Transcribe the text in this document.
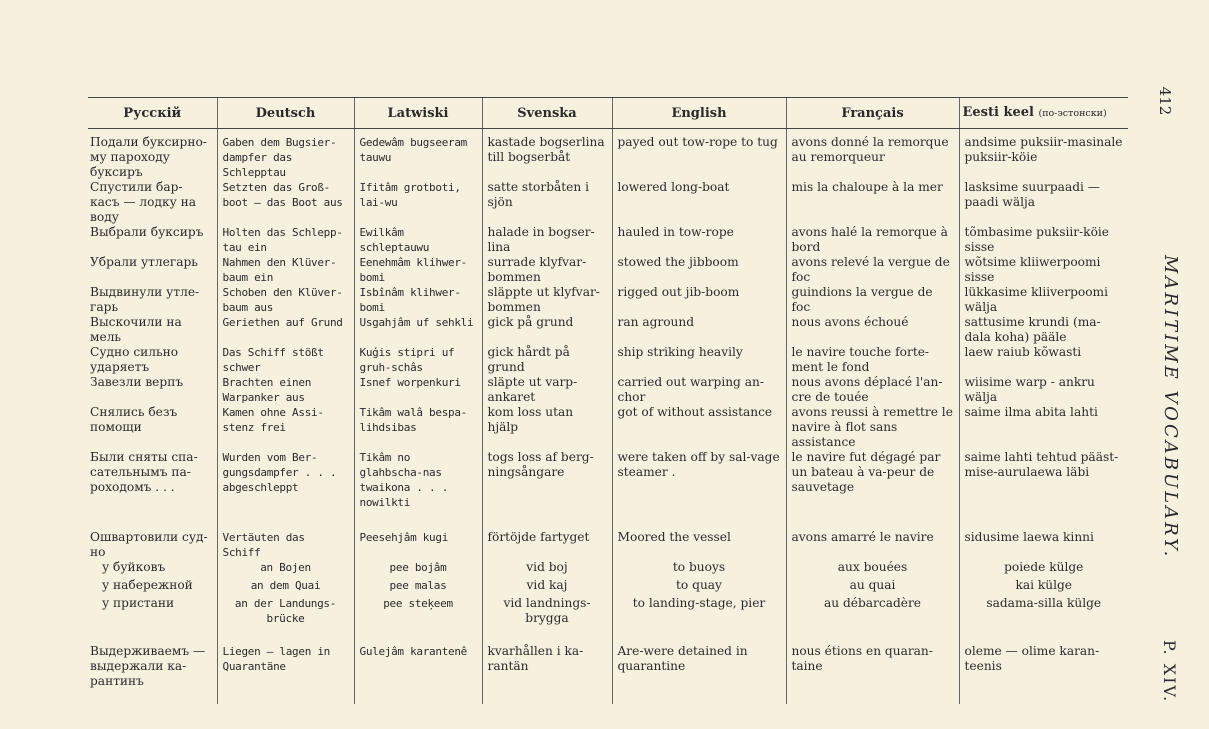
412
MARITIME VOCABULARY.
P. XIV.
Русскiй	Deutsch	Latwiski	Svenska	English	Français	Eesti keel (по-эстонски)

Подали буксирно-му пароходу буксиръ	Gaben dem Bugsier-dampfer das Schlepptau	Gedewâm bugseeram tauwu	kastade bogserlina till bogserbåt	payed out tow-rope to tug	avons donné la remorque au remorqueur	andsime puksiir-masinale puksiir-köie
Спустили бар-касъ — лодку на воду	Setzten das Groß-boot — das Boot aus	Ifitâm grotboti, lai-wu	satte storbåten i sjön	lowered long-boat	mis la chaloupe à la mer	lasksime suurpaadi — paadi wälja
Выбрали буксиръ	Holten das Schlepp-tau ein	Ewilkâm schleptauwu	halade in bogser-lina	hauled in tow-rope	avons halé la remorque à bord	tõmbasime puksiir-köie sisse
Убрали утлегарь	Nahmen den Klüver-baum ein	Eenehmâm klihwer-bomi	surrade klyfvar-bommen	stowed the jibboom	avons relevé la vergue de foc	wõtsime kliiwerpoomi sisse
Выдвинули утле-гарь	Schoben den Klüver-baum aus	Isbînâm klihwer-bomi	släppte ut klyfvar-bommen	rigged out jib-boom	guindions la vergue de foc	lükkasime kliiverpoomi wälja
Выскочили на мель	Geriethen auf Grund	Usgahjâm uf sehkli	gick på grund	ran aground	nous avons échoué	sattusime krundi (ma-dala koha) pääle
Судно сильно ударяетъ	Das Schiff stößt schwer	Kuģis stipri uf gruh-schâs	gick hårdt på grund	ship striking heavily	le navire touche forte-ment le fond	laew raiub kõwasti
Завезли верпъ	Brachten einen Warpanker aus	Isnef worpenkuri	släpte ut varp-ankaret	carried out warping an-chor	nous avons déplacé l'an-cre de touée	wiisime warp - ankru wälja
Снялись безъ помощи	Kamen ohne Assi-stenz frei	Tikâm walâ bespa-lihdsibas	kom loss utan hjälp	got of without assistance	avons reussi à remettre le navire à flot sans assistance	saime ilma abita lahti
Были сняты спа-сательнымъ па-роходомъ . . .	Wurden vom Ber-gungsdampfer . . . abgeschleppt	Tikâm no glahbscha-nas twaikona . . . nowilkti	togs loss af berg-ningsångare	were taken off by sal-vage steamer .	le navire fut dégagé par un bateau à va-peur de sauvetage	saime lahti tehtud päästmise-aurulaewa läbi

Ошвартовили суд-но	Vertäuten das Schiff	Peesehjâm kugi	förtöjde fartyget	Moored the vessel	avons amarré le navire	sidusime laewa kinni
у буйковъ	an Bojen	pee bojâm	vid boj	to buoys	aux bouées	poiede külge
у набережной	an dem Quai	pee malas	vid kaj	to quay	au quai	kai külge
у пристани	an der Landungs-brücke	pee steķeem	vid landnings-brygga	to landing-stage, pier	au débarcadère	sadama-silla külge

Выдерживаемъ — выдержали ка-рантинъ	Liegen — lagen in Quarantäne	Gulejâm karantenê	kvarhållen i ka-rantän	Are-were detained in quarantine	nous étions en quaran-taine	oleme — olime karan-teenis
